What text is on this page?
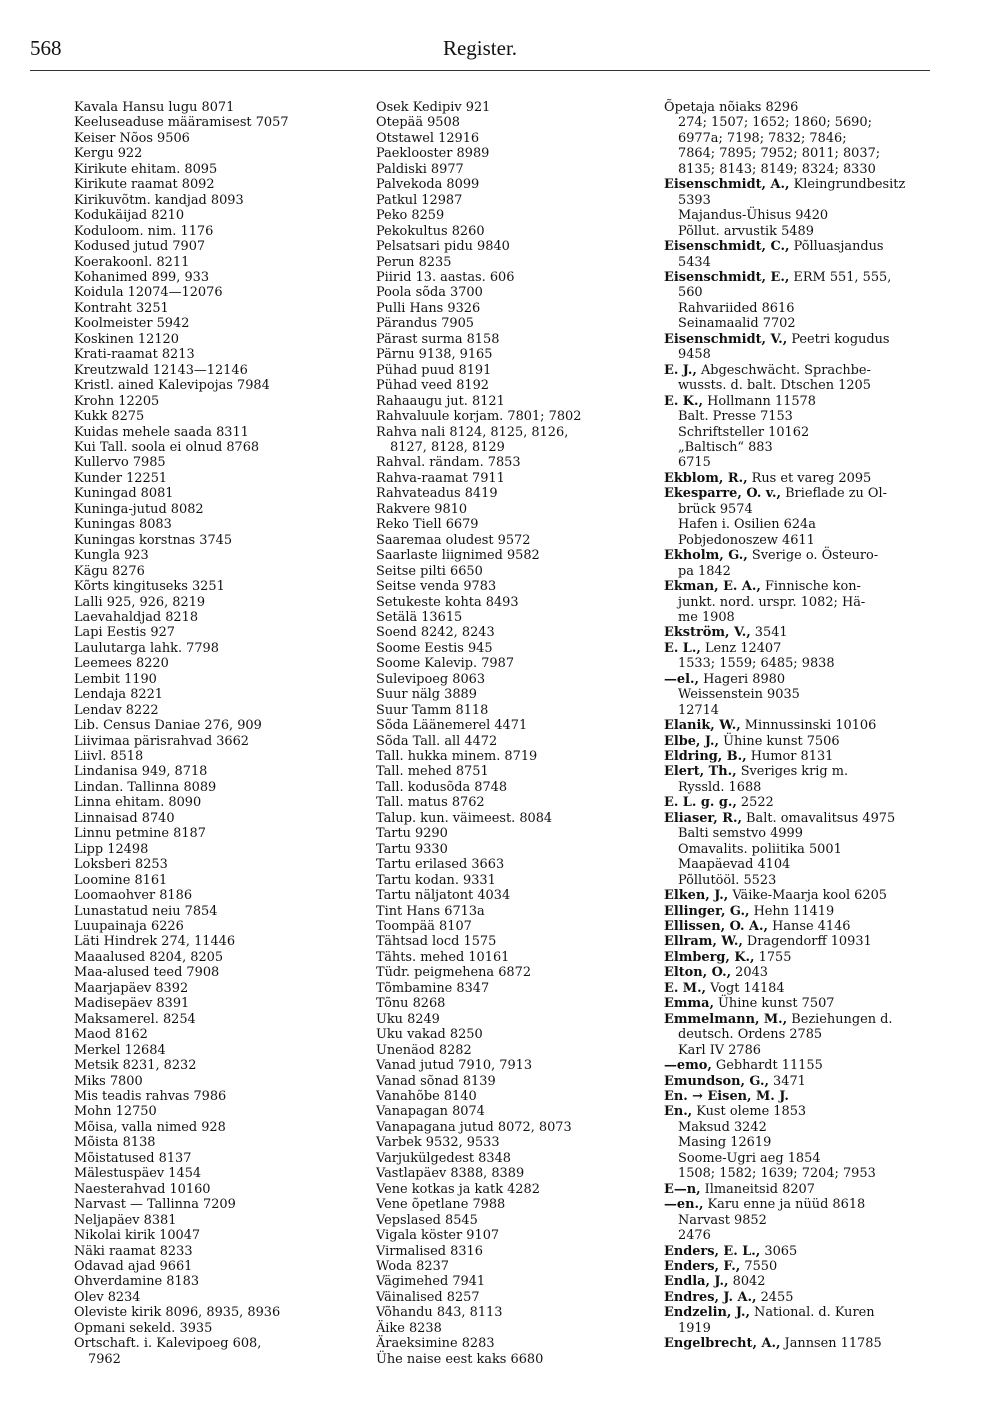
568	Register.
Kavala Hansu lugu 8071
Keeluseaduse määramisest 7057
Keiser Nõos 9506
Kergu 922
Kirikute ehitam. 8095
Kirikute raamat 8092
Kirikuvõtm. kandjad 8093
Kodukäijad 8210
Koduloom. nim. 1176
Kodused jutud 7907
Koerakoonl. 8211
Kohanimed 899, 933
Koidula 12074—12076
Kontraht 3251
Koolmeister 5942
Koskinen 12120
Krati-raamat 8213
Kreutzwald 12143—12146
Kristl. ained Kalevipojas 7984
Krohn 12205
Kukk 8275
Kuidas mehele saada 8311
Kui Tall. soola ei olnud 8768
Kullervo 7985
Kunder 12251
Kuningad 8081
Kuninga-jutud 8082
Kuningas 8083
Kuningas korstnas 3745
Kungla 923
Kägu 8276
Kõrts kingituseks 3251
Lalli 925, 926, 8219
Laevahaldjad 8218
Lapi Eestis 927
Laulutarga lahk. 7798
Leemees 8220
Lembit 1190
Lendaja 8221
Lendav 8222
Lib. Census Daniae 276, 909
Liivimaa pärisrahvad 3662
Liivl. 8518
Lindanisa 949, 8718
Lindan. Tallinna 8089
Linna ehitam. 8090
Linnaisad 8740
Linnu petmine 8187
Lipp 12498
Loksberi 8253
Loomine 8161
Loomaohver 8186
Lunastatud neiu 7854
Luupainaja 6226
Läti Hindrek 274, 11446
Maaalused 8204, 8205
Maa-alused teed 7908
Maarjapäev 8392
Madisepäev 8391
Maksamerel. 8254
Maod 8162
Merkel 12684
Metsik 8231, 8232
Miks 7800
Mis teadis rahvas 7986
Mohn 12750
Mõisa, valla nimed 928
Mõista 8138
Mõistatused 8137
Mälestuspäev 1454
Naesterahvad 10160
Narvast — Tallinna 7209
Neljapäev 8381
Nikolai kirik 10047
Näki raamat 8233
Odavad ajad 9661
Ohverdamine 8183
Olev 8234
Oleviste kirik 8096, 8935, 8936
Opmani sekeld. 3935
Ortschaft. i. Kalevipoeg 608,
7962
Osek Kedipiv 921
Otepää 9508
Otstawel 12916
Paeklooster 8989
Paldiski 8977
Palvekoda 8099
Patkul 12987
Peko 8259
Pekokultus 8260
Pelsatsari pidu 9840
Perun 8235
Piirid 13. aastas. 606
Poola sõda 3700
Pulli Hans 9326
Pärandus 7905
Pärast surma 8158
Pärnu 9138, 9165
Pühad puud 8191
Pühad veed 8192
Rahaaugu jut. 8121
Rahvaluule korjam. 7801; 7802
Rahva nali 8124, 8125, 8126,
8127, 8128, 8129
Rahval. rändam. 7853
Rahva-raamat 7911
Rahvateadus 8419
Rakvere 9810
Reko Tiell 6679
Saaremaa oludest 9572
Saarlaste liignimed 9582
Seitse pilti 6650
Seitse venda 9783
Setukeste kohta 8493
Setälä 13615
Soend 8242, 8243
Soome Eestis 945
Soome Kalevip. 7987
Sulevipoeg 8063
Suur nälg 3889
Suur Tamm 8118
Sõda Läänemerel 4471
Sõda Tall. all 4472
Tall. hukka minem. 8719
Tall. mehed 8751
Tall. kodusõda 8748
Tall. matus 8762
Talup. kun. väimeest. 8084
Tartu 9290
Tartu 9330
Tartu erilased 3663
Tartu kodan. 9331
Tartu näljatont 4034
Tint Hans 6713a
Toompää 8107
Tähtsad locd 1575
Tähts. mehed 10161
Tüdr. peigmehena 6872
Tõmbamine 8347
Tõnu 8268
Uku 8249
Uku vakad 8250
Unenäod 8282
Vanad jutud 7910, 7913
Vanad sõnad 8139
Vanahõbe 8140
Vanapagan 8074
Vanapagana jutud 8072, 8073
Varbek 9532, 9533
Varjukülgedest 8348
Vastlapäev 8388, 8389
Vene kotkas ja katk 4282
Vene õpetlane 7988
Vepslased 8545
Vigala köster 9107
Virmalised 8316
Woda 8237
Vägimehed 7941
Väinalised 8257
Võhandu 843, 8113
Äike 8238
Äraeksimine 8283
Ühe naise eest kaks 6680
Õpetaja nõiaks 8296
274; 1507; 1652; 1860; 5690;
6977a; 7198; 7832; 7846;
7864; 7895; 7952; 8011; 8037;
8135; 8143; 8149; 8324; 8330
Eisenschmidt, A., Kleingrundbesitz
5393
Majandus-Ühisus 9420
Põllut. arvustik 5489
Eisenschmidt, C., Põlluasjandus
5434
Eisenschmidt, E., ERM 551, 555,
560
Rahvariided 8616
Seinamaalid 7702
Eisenschmidt, V., Peetri kogudus
9458
E. J., Abgeschwächt. Sprachbe-
wussts. d. balt. Dtschen 1205
E. K., Hollmann 11578
Balt. Presse 7153
Schriftsteller 10162
„Baltisch“ 883
6715
Ekblom, R., Rus et vareg 2095
Ekesparre, O. v., Brieflade zu Ol-
brück 9574
Hafen i. Osilien 624a
Pobjedonoszew 4611
Ekholm, G., Sverige o. Östeuro-
pa 1842
Ekman, E. A., Finnische kon-
junkt. nord. urspr. 1082; Hä-
me 1908
Ekström, V., 3541
E. L., Lenz 12407
1533; 1559; 6485; 9838
—el., Hageri 8980
Weissenstein 9035
12714
Elanik, W., Minnussinski 10106
Elbe, J., Ühine kunst 7506
Eldring, B., Humor 8131
Elert, Th., Sveriges krig m.
Ryssld. 1688
E. L. g. g., 2522
Eliaser, R., Balt. omavalitsus 4975
Balti semstvo 4999
Omavalits. poliitika 5001
Maapäevad 4104
Põllutööl. 5523
Elken, J., Väike-Maarja kool 6205
Ellinger, G., Hehn 11419
Ellissen, O. A., Hanse 4146
Ellram, W., Dragendorff 10931
Elmberg, K., 1755
Elton, O., 2043
E. M., Vogt 14184
Emma, Ühine kunst 7507
Emmelmann, M., Beziehungen d.
deutsch. Ordens 2785
Karl IV 2786
—emo, Gebhardt 11155
Emundson, G., 3471
En. → Eisen, M. J.
En., Kust oleme 1853
Maksud 3242
Masing 12619
Soome-Ugri aeg 1854
1508; 1582; 1639; 7204; 7953
E—n, Ilmaneitsid 8207
—en., Karu enne ja nüüd 8618
Narvast 9852
2476
Enders, E. L., 3065
Enders, F., 7550
Endla, J., 8042
Endres, J. A., 2455
Endzelin, J., National. d. Kuren
1919
Engelbrecht, A., Jannsen 11785
